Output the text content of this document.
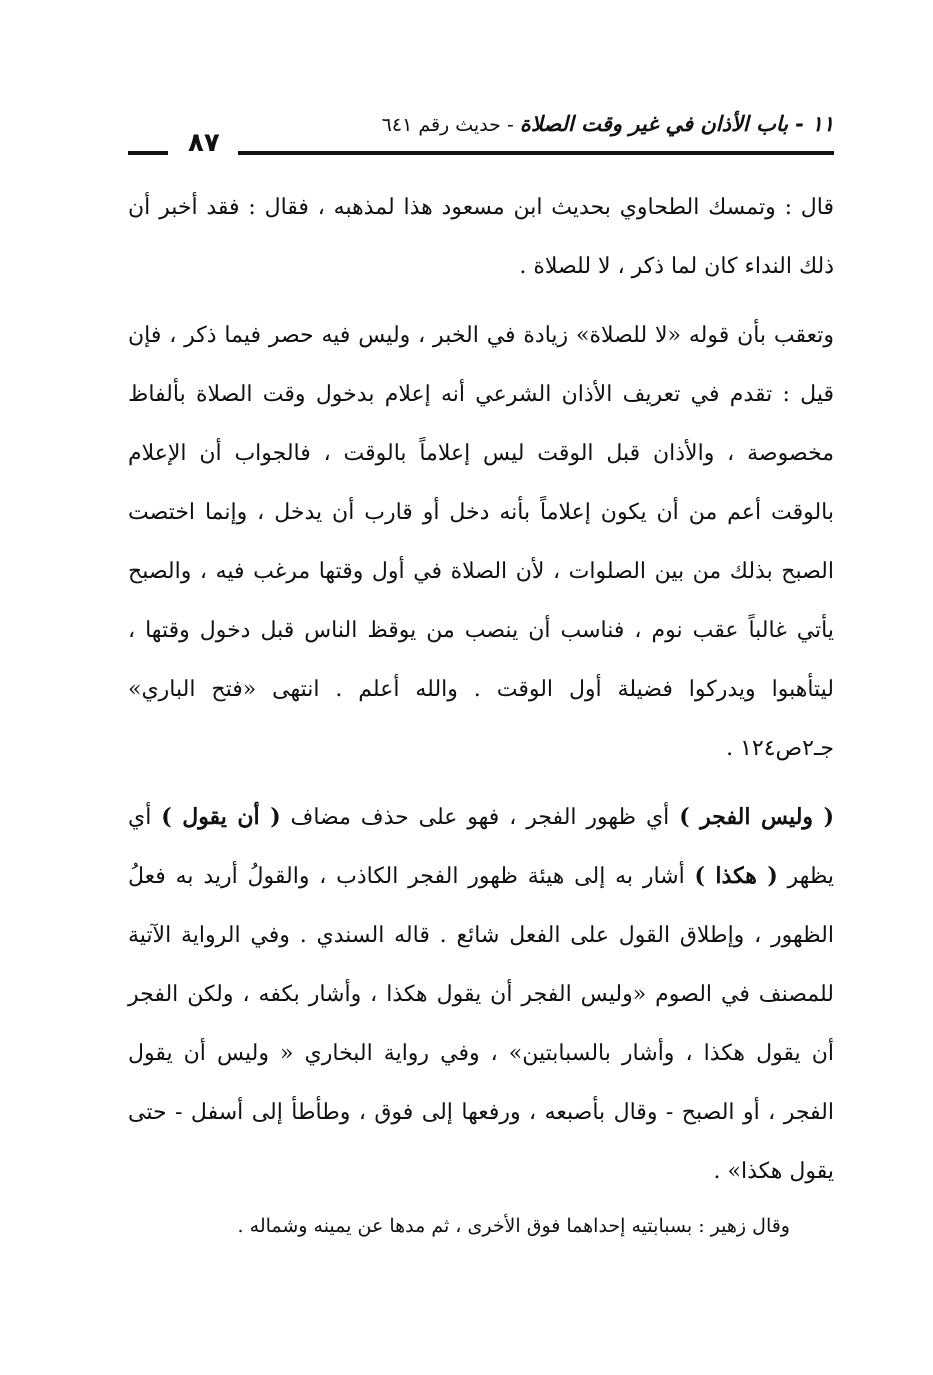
١١ - باب الأذان في غير وقت الصلاة - حديث رقم ٦٤١
٨٧

قال : وتمسك الطحاوي بحديث ابن مسعود هذا لمذهبه ، فقال : فقد أخبر أن ذلك النداء كان لما ذكر ، لا للصلاة .

وتعقب بأن قوله «لا للصلاة» زيادة في الخبر ، وليس فيه حصر فيما ذكر ، فإن قيل : تقدم في تعريف الأذان الشرعي أنه إعلام بدخول وقت الصلاة بألفاظ مخصوصة ، والأذان قبل الوقت ليس إعلاماً بالوقت ، فالجواب أن الإعلام بالوقت أعم من أن يكون إعلاماً بأنه دخل أو قارب أن يدخل ، وإنما اختصت الصبح بذلك من بين الصلوات ، لأن الصلاة في أول وقتها مرغب فيه ، والصبح يأتي غالباً عقب نوم ، فناسب أن ينصب من يوقظ الناس قبل دخول وقتها ، ليتأهبوا ويدركوا فضيلة أول الوقت . والله أعلم . انتهى «فتح الباري» جـ٢ص١٢٤ .

( وليس الفجر ) أي ظهور الفجر ، فهو على حذف مضاف ( أن يقول ) أي يظهر ( هكذا ) أشار به إلى هيئة ظهور الفجر الكاذب ، والقولُ أريد به فعلُ الظهور ، وإطلاق القول على الفعل شائع . قاله السندي . وفي الرواية الآتية للمصنف في الصوم «وليس الفجر أن يقول هكذا ، وأشار بكفه ، ولكن الفجر أن يقول هكذا ، وأشار بالسبابتين» ، وفي رواية البخاري « وليس أن يقول الفجر ، أو الصبح - وقال بأصبعه ، ورفعها إلى فوق ، وطأطأ إلى أسفل - حتى يقول هكذا» .

وقال زهير : بسبابتيه إحداهما فوق الأخرى ، ثم مدها عن يمينه وشماله .
